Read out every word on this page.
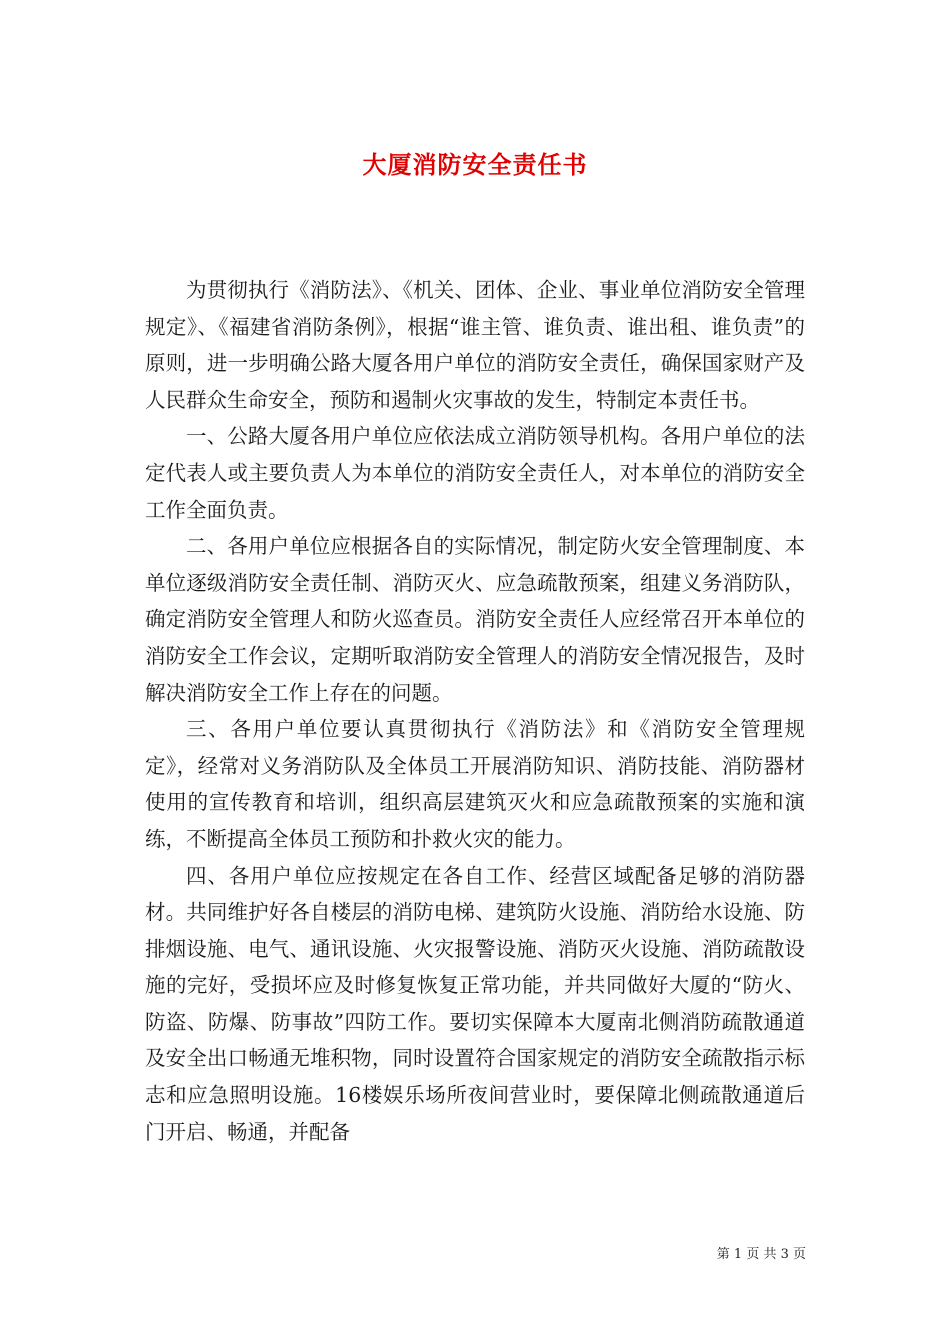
大厦消防安全责任书

为贯彻执行《消防法》、《机关、团体、企业、事业单位消防安全管理规定》、《福建省消防条例》，根据“谁主管、谁负责、谁出租、谁负责”的原则，进一步明确公路大厦各用户单位的消防安全责任，确保国家财产及人民群众生命安全，预防和遏制火灾事故的发生，特制定本责任书。

一、公路大厦各用户单位应依法成立消防领导机构。各用户单位的法定代表人或主要负责人为本单位的消防安全责任人，对本单位的消防安全工作全面负责。

二、各用户单位应根据各自的实际情况，制定防火安全管理制度、本单位逐级消防安全责任制、消防灭火、应急疏散预案，组建义务消防队，确定消防安全管理人和防火巡查员。消防安全责任人应经常召开本单位的消防安全工作会议，定期听取消防安全管理人的消防安全情况报告，及时解决消防安全工作上存在的问题。

三、各用户单位要认真贯彻执行《消防法》和《消防安全管理规定》，经常对义务消防队及全体员工开展消防知识、消防技能、消防器材使用的宣传教育和培训，组织高层建筑灭火和应急疏散预案的实施和演练，不断提高全体员工预防和扑救火灾的能力。

四、各用户单位应按规定在各自工作、经营区域配备足够的消防器材。共同维护好各自楼层的消防电梯、建筑防火设施、消防给水设施、防排烟设施、电气、通讯设施、火灾报警设施、消防灭火设施、消防疏散设施的完好，受损坏应及时修复恢复正常功能，并共同做好大厦的“防火、防盗、防爆、防事故”四防工作。要切实保障本大厦南北侧消防疏散通道及安全出口畅通无堆积物，同时设置符合国家规定的消防安全疏散指示标志和应急照明设施。16楼娱乐场所夜间营业时，要保障北侧疏散通道后门开启、畅通，并配备

第 1 页 共 3 页
